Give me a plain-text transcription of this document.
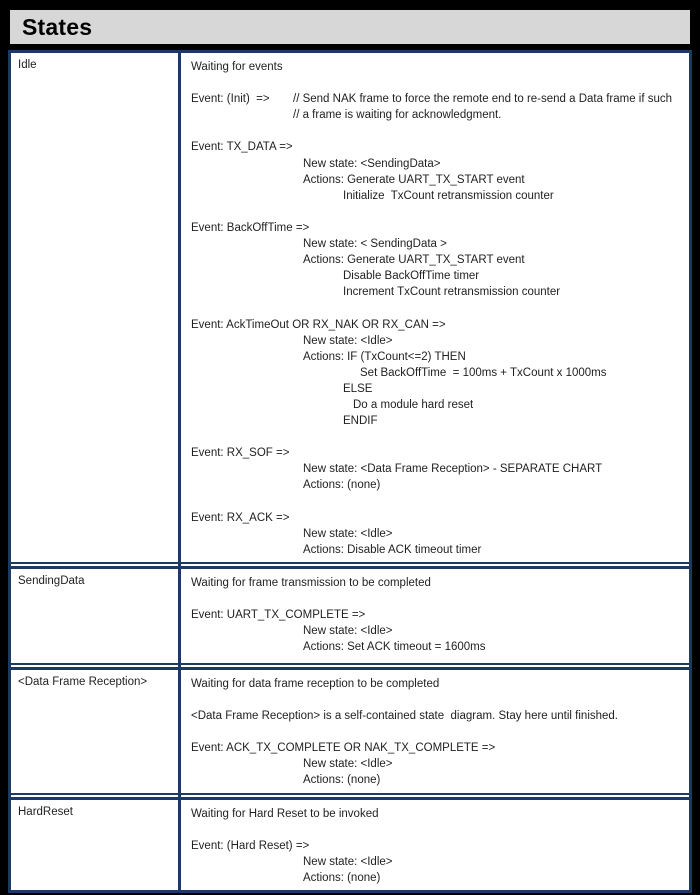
States
Idle	Waiting for events

Event: (Init)  => // Send NAK frame to force the remote end to re-send a Data frame if such
// a frame is waiting for acknowledgment.

Event: TX_DATA =>
New state: <SendingData>
Actions: Generate UART_TX_START event
Initialize  TxCount retransmission counter

Event: BackOffTime =>
New state: < SendingData >
Actions: Generate UART_TX_START event
Disable BackOffTime timer
Increment TxCount retransmission counter

Event: AckTimeOut OR RX_NAK OR RX_CAN =>
New state: <Idle>
Actions: IF (TxCount<=2) THEN
Set BackOffTime  = 100ms + TxCount x 1000ms
ELSE
Do a module hard reset
ENDIF

Event: RX_SOF =>
New state: <Data Frame Reception> - SEPARATE CHART
Actions: (none)

Event: RX_ACK =>
New state: <Idle>
Actions: Disable ACK timeout timer
SendingData	Waiting for frame transmission to be completed

Event: UART_TX_COMPLETE =>
New state: <Idle>
Actions: Set ACK timeout = 1600ms
<Data Frame Reception>	Waiting for data frame reception to be completed

<Data Frame Reception> is a self-contained state  diagram. Stay here until finished.

Event: ACK_TX_COMPLETE OR NAK_TX_COMPLETE =>
New state: <Idle>
Actions: (none)
HardReset	Waiting for Hard Reset to be invoked

Event: (Hard Reset) =>
New state: <Idle>
Actions: (none)
